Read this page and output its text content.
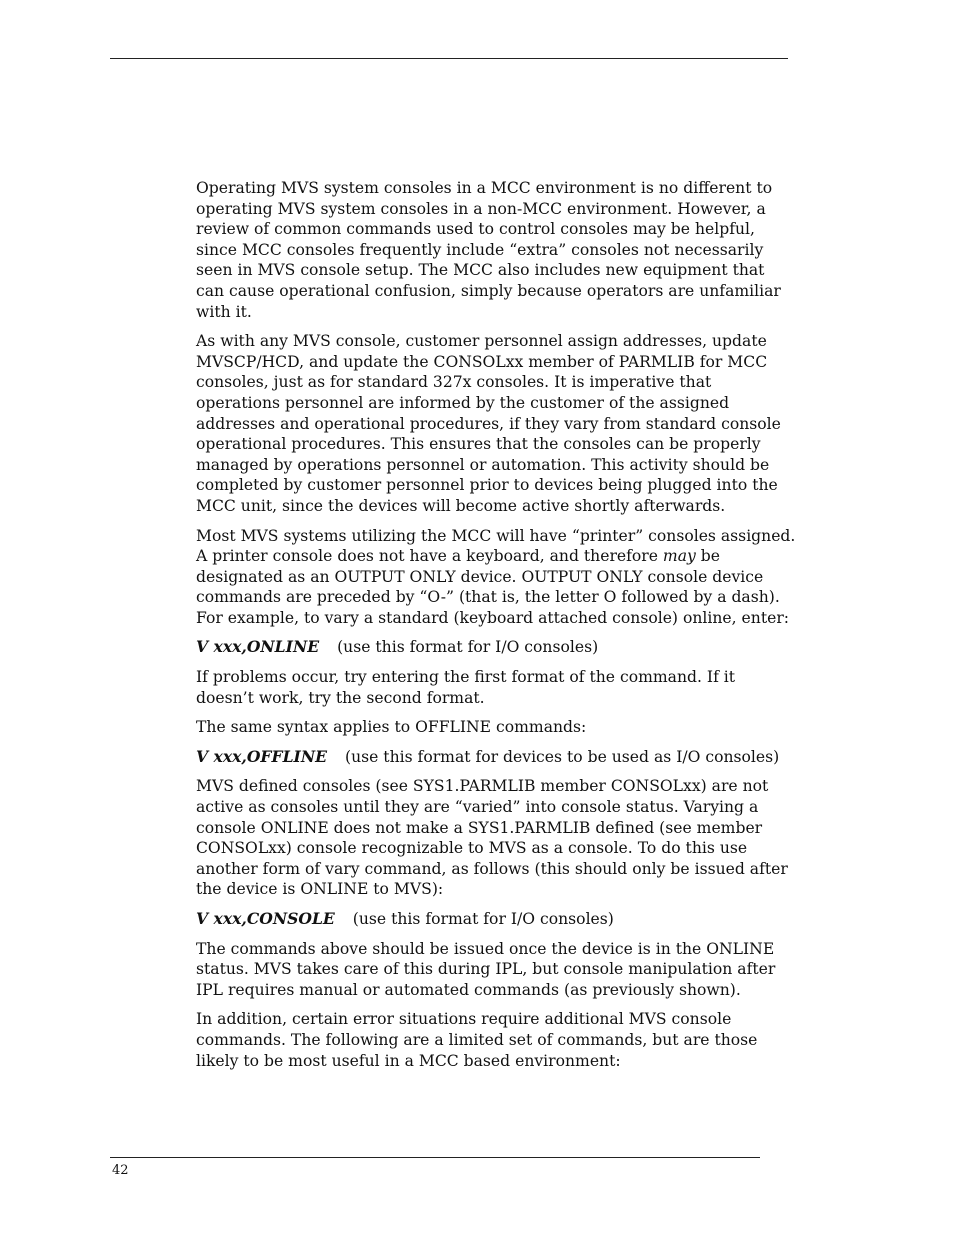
Operating MVS system consoles in a MCC environment is no different to operating MVS system consoles in a non-MCC environment. However, a review of common commands used to control consoles may be helpful, since MCC consoles frequently include “extra” consoles not necessarily seen in MVS console setup. The MCC also includes new equipment that can cause operational confusion, simply because operators are unfamiliar with it.

As with any MVS console, customer personnel assign addresses, update MVSCP/HCD, and update the CONSOLxx member of PARMLIB for MCC consoles, just as for standard 327x consoles. It is imperative that operations personnel are informed by the customer of the assigned addresses and operational procedures, if they vary from standard console operational procedures. This ensures that the consoles can be properly managed by operations personnel or automation. This activity should be completed by customer personnel prior to devices being plugged into the MCC unit, since the devices will become active shortly afterwards.

Most MVS systems utilizing the MCC will have “printer” consoles assigned. A printer console does not have a keyboard, and therefore may be designated as an OUTPUT ONLY device. OUTPUT ONLY console device commands are preceded by “O-” (that is, the letter O followed by a dash). For example, to vary a standard (keyboard attached console) online, enter:

V xxx,ONLINE (use this format for I/O consoles)

If problems occur, try entering the first format of the command. If it doesn’t work, try the second format.

The same syntax applies to OFFLINE commands:

V xxx,OFFLINE (use this format for devices to be used as I/O consoles)

MVS defined consoles (see SYS1.PARMLIB member CONSOLxx) are not active as consoles until they are “varied” into console status. Varying a console ONLINE does not make a SYS1.PARMLIB defined (see member CONSOLxx) console recognizable to MVS as a console. To do this use another form of vary command, as follows (this should only be issued after the device is ONLINE to MVS):

V xxx,CONSOLE (use this format for I/O consoles)

The commands above should be issued once the device is in the ONLINE status. MVS takes care of this during IPL, but console manipulation after IPL requires manual or automated commands (as previously shown).

In addition, certain error situations require additional MVS console commands. The following are a limited set of commands, but are those likely to be most useful in a MCC based environment:

42
